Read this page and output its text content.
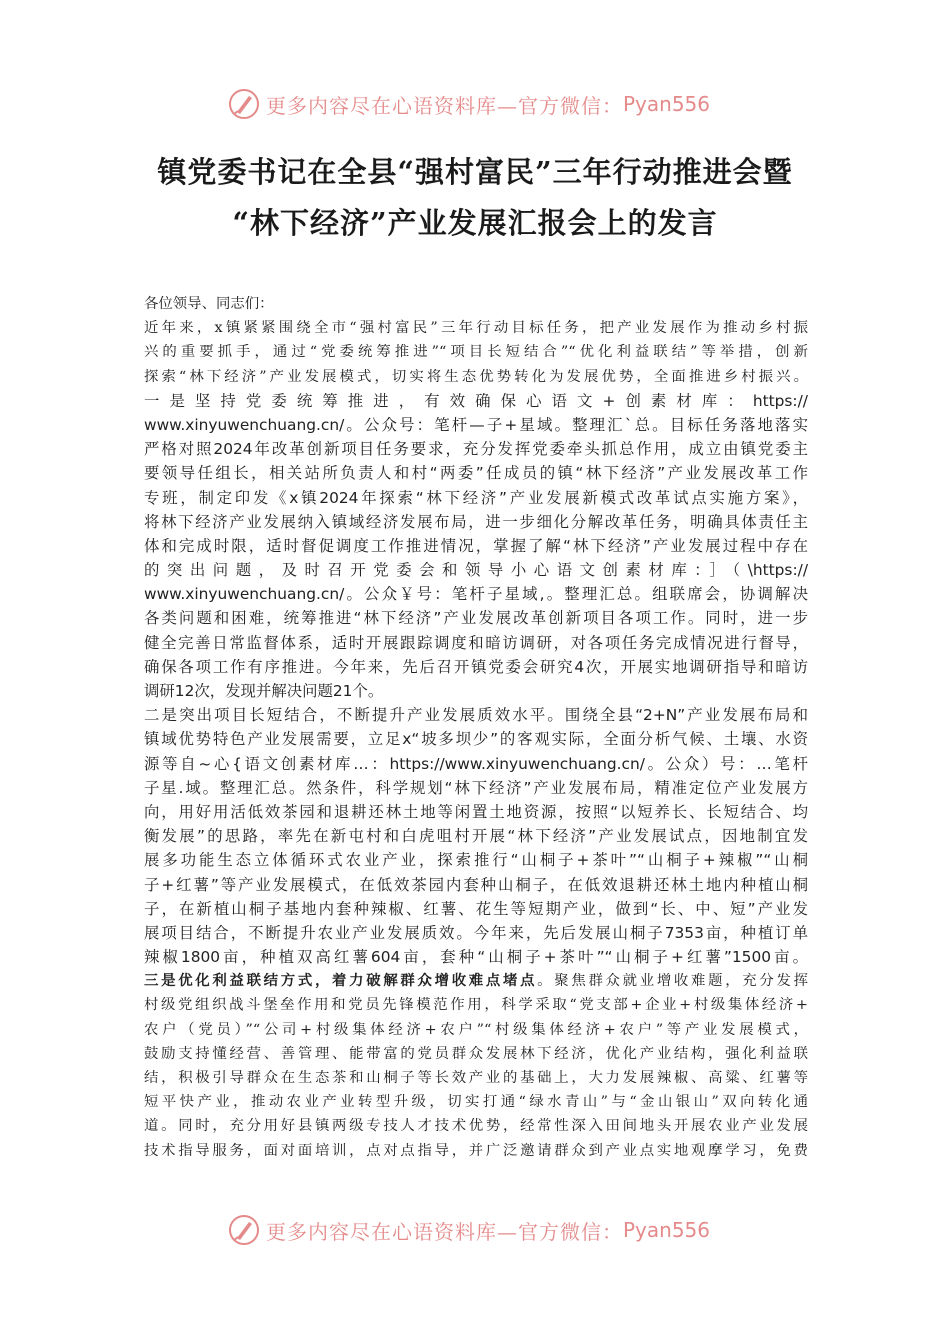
更多内容尽在心语资料库—官方微信： Pyan556
镇党委书记在全县“强村富民”三年行动推进会暨
“林下经济”产业发展汇报会上的发言
各位领导、同志们：
近年来，x镇紧紧围绕全市“强村富民”三年行动目标任务，把产业发展作为推动乡村振
兴的重要抓手，通过“党委统筹推进”“项目长短结合”“优化利益联结”等举措，创新
探索“林下经济”产业发展模式，切实将生态优势转化为发展优势，全面推进乡村振兴。
一是坚持党委统筹推进，有效确保心语文+创素材库：https://
www.xinyuwenchuang.cn/。公众号：笔杆—子+星域。整理汇`总。目标任务落地落实
严格对照2024年改革创新项目任务要求，充分发挥党委牵头抓总作用，成立由镇党委主
要领导任组长，相关站所负责人和村“两委”任成员的镇“林下经济”产业发展改革工作
专班，制定印发《x镇2024年探索“林下经济”产业发展新模式改革试点实施方案》，
将林下经济产业发展纳入镇域经济发展布局，进一步细化分解改革任务，明确具体责任主
体和完成时限，适时督促调度工作推进情况，掌握了解“林下经济”产业发展过程中存在
的突出问题，及时召开党委会和领导小心语文创素材库：］（\https://
www.xinyuwenchuang.cn/。公众￥号：笔杆子星域,。整理汇总。组联席会，协调解决
各类问题和困难，统筹推进“林下经济”产业发展改革创新项目各项工作。同时，进一步
健全完善日常监督体系，适时开展跟踪调度和暗访调研，对各项任务完成情况进行督导，
确保各项工作有序推进。今年来，先后召开镇党委会研究4次，开展实地调研指导和暗访
调研12次，发现并解决问题21个。
二是突出项目长短结合，不断提升产业发展质效水平。围绕全县“2+N”产业发展布局和
镇域优势特色产业发展需要，立足x“坡多坝少”的客观实际，全面分析气候、土壤、水资
源等自~心{语文创素材库…：https://www.xinyuwenchuang.cn/。公众）号：…笔杆
子星.域。整理汇总。然条件，科学规划“林下经济”产业发展布局，精准定位产业发展方
向，用好用活低效茶园和退耕还林土地等闲置土地资源，按照“以短养长、长短结合、均
衡发展”的思路，率先在新屯村和白虎咀村开展“林下经济”产业发展试点，因地制宜发
展多功能生态立体循环式农业产业，探索推行“山桐子+茶叶”“山桐子+辣椒”“山桐
子+红薯”等产业发展模式，在低效茶园内套种山桐子，在低效退耕还林土地内种植山桐
子，在新植山桐子基地内套种辣椒、红薯、花生等短期产业，做到“长、中、短”产业发
展项目结合，不断提升农业产业发展质效。今年来，先后发展山桐子7353亩，种植订单
辣椒1800亩，种植双高红薯604亩，套种“山桐子+茶叶”“山桐子+红薯”1500亩。
三是优化利益联结方式，着力破解群众增收难点堵点。聚焦群众就业增收难题，充分发挥
村级党组织战斗堡垒作用和党员先锋模范作用，科学采取“党支部+企业+村级集体经济+
农户（党员）”“公司+村级集体经济+农户”“村级集体经济+农户”等产业发展模式，
鼓励支持懂经营、善管理、能带富的党员群众发展林下经济，优化产业结构，强化利益联
结，积极引导群众在生态茶和山桐子等长效产业的基础上，大力发展辣椒、高粱、红薯等
短平快产业，推动农业产业转型升级，切实打通“绿水青山”与“金山银山”双向转化通
道。同时，充分用好县镇两级专技人才技术优势，经常性深入田间地头开展农业产业发展
技术指导服务，面对面培训，点对点指导，并广泛邀请群众到产业点实地观摩学习，免费
更多内容尽在心语资料库—官方微信： Pyan556
